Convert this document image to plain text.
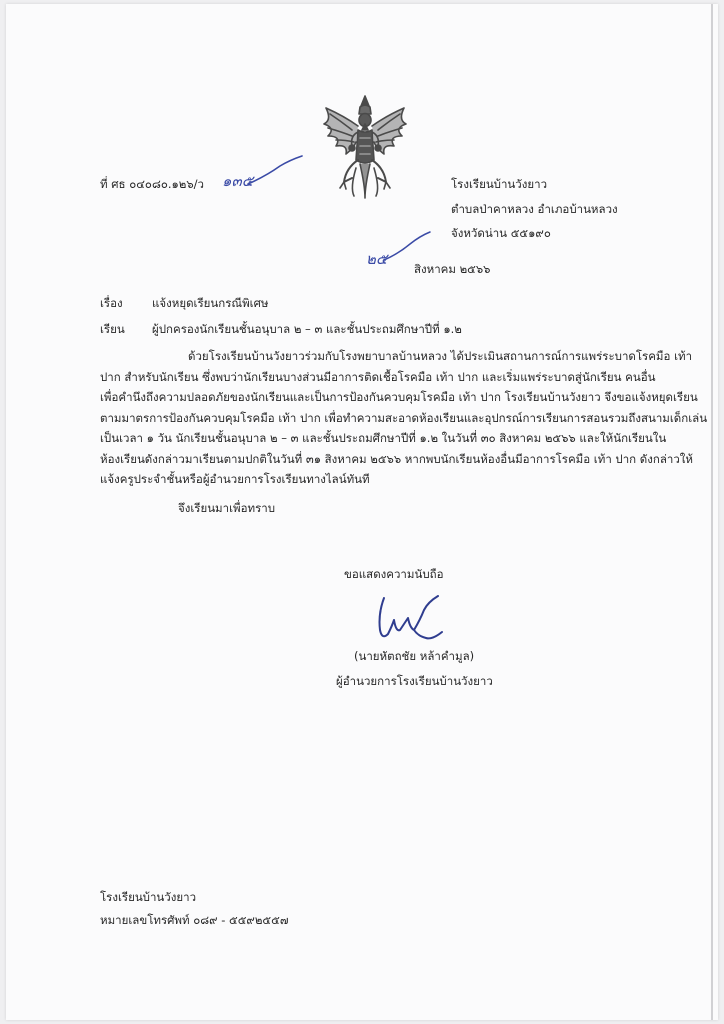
ที่ ศธ ๐๔๐๘๐.๑๒๖/ว ๑๓๕	โรงเรียนบ้านวังยาว
ตำบลป่าคาหลวง อำเภอบ้านหลวง
จังหวัดน่าน ๕๕๑๙๐
๒๕
สิงหาคม ๒๕๖๖
เรื่อง	แจ้งหยุดเรียนกรณีพิเศษ
เรียน ผู้ปกครองนักเรียนชั้นอนุบาล ๒ – ๓ และชั้นประถมศึกษาปีที่ ๑.๒
ด้วยโรงเรียนบ้านวังยาวร่วมกับโรงพยาบาลบ้านหลวง ได้ประเมินสถานการณ์การแพร่ระบาดโรคมือ เท้า
ปาก สำหรับนักเรียน ซึ่งพบว่านักเรียนบางส่วนมีอาการติดเชื้อโรคมือ เท้า ปาก และเริ่มแพร่ระบาดสู่นักเรียน คนอื่น
เพื่อคำนึงถึงความปลอดภัยของนักเรียนและเป็นการป้องกันควบคุมโรคมือ เท้า ปาก โรงเรียนบ้านวังยาว จึงขอแจ้งหยุดเรียน
ตามมาตรการป้องกันควบคุมโรคมือ เท้า ปาก เพื่อทำความสะอาดห้องเรียนและอุปกรณ์การเรียนการสอนรวมถึงสนามเด็กเล่น
เป็นเวลา ๑ วัน นักเรียนชั้นอนุบาล ๒ – ๓ และชั้นประถมศึกษาปีที่ ๑.๒ ในวันที่ ๓๐ สิงหาคม ๒๕๖๖ และให้นักเรียนใน
ห้องเรียนดังกล่าวมาเรียนตามปกติในวันที่ ๓๑ สิงหาคม ๒๕๖๖ หากพบนักเรียนห้องอื่นมีอาการโรคมือ เท้า ปาก ดังกล่าวให้
แจ้งครูประจำชั้นหรือผู้อำนวยการโรงเรียนทางไลน์ทันที
จึงเรียนมาเพื่อทราบ
ขอแสดงความนับถือ
(นายหัตถชัย หล้าคำมูล)
ผู้อำนวยการโรงเรียนบ้านวังยาว
โรงเรียนบ้านวังยาว
หมายเลขโทรศัพท์ ๐๘๙ - ๕๕๙๒๕๕๗
